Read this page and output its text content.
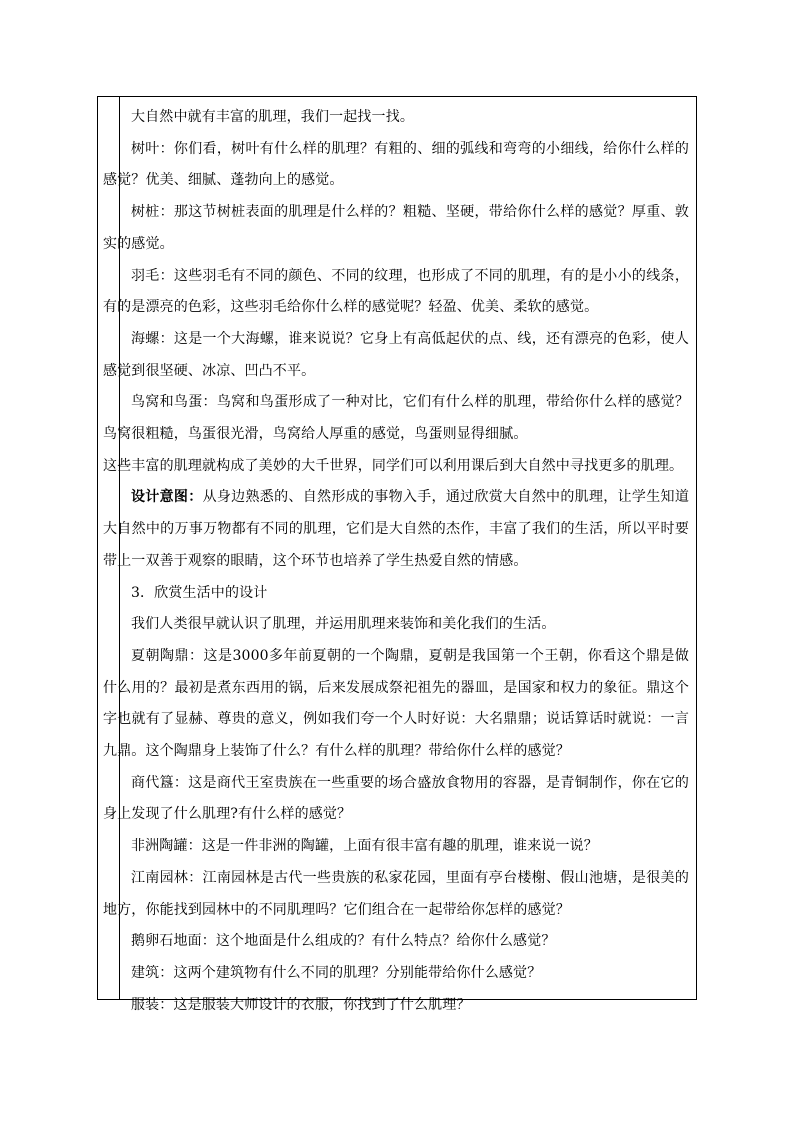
大自然中就有丰富的肌理，我们一起找一找。

树叶：你们看，树叶有什么样的肌理？有粗的、细的弧线和弯弯的小细线，给你什么样的感觉？优美、细腻、蓬勃向上的感觉。

树桩：那这节树桩表面的肌理是什么样的？粗糙、坚硬，带给你什么样的感觉？厚重、敦实的感觉。

羽毛：这些羽毛有不同的颜色、不同的纹理，也形成了不同的肌理，有的是小小的线条，有的是漂亮的色彩，这些羽毛给你什么样的感觉呢？轻盈、优美、柔软的感觉。

海螺：这是一个大海螺，谁来说说？它身上有高低起伏的点、线，还有漂亮的色彩，使人感觉到很坚硬、冰凉、凹凸不平。

鸟窝和鸟蛋：鸟窝和鸟蛋形成了一种对比，它们有什么样的肌理，带给你什么样的感觉？鸟窝很粗糙，鸟蛋很光滑，鸟窝给人厚重的感觉，鸟蛋则显得细腻。

这些丰富的肌理就构成了美妙的大千世界，同学们可以利用课后到大自然中寻找更多的肌理。

设计意图：从身边熟悉的、自然形成的事物入手，通过欣赏大自然中的肌理，让学生知道大自然中的万事万物都有不同的肌理，它们是大自然的杰作，丰富了我们的生活，所以平时要带上一双善于观察的眼睛，这个环节也培养了学生热爱自然的情感。

3．欣赏生活中的设计

我们人类很早就认识了肌理，并运用肌理来装饰和美化我们的生活。

夏朝陶鼎：这是3000多年前夏朝的一个陶鼎，夏朝是我国第一个王朝，你看这个鼎是做什么用的？最初是煮东西用的锅，后来发展成祭祀祖先的器皿，是国家和权力的象征。鼎这个字也就有了显赫、尊贵的意义，例如我们夸一个人时好说：大名鼎鼎；说话算话时就说：一言九鼎。这个陶鼎身上装饰了什么？有什么样的肌理？带给你什么样的感觉？

商代簋：这是商代王室贵族在一些重要的场合盛放食物用的容器，是青铜制作，你在它的身上发现了什么肌理?有什么样的感觉？

非洲陶罐：这是一件非洲的陶罐，上面有很丰富有趣的肌理，谁来说一说？

江南园林：江南园林是古代一些贵族的私家花园，里面有亭台楼榭、假山池塘，是很美的地方，你能找到园林中的不同肌理吗？它们组合在一起带给你怎样的感觉？

鹅卵石地面：这个地面是什么组成的？有什么特点？给你什么感觉？

建筑：这两个建筑物有什么不同的肌理？分别能带给你什么感觉？

服装：这是服装大师设计的衣服，你找到了什么肌理？
